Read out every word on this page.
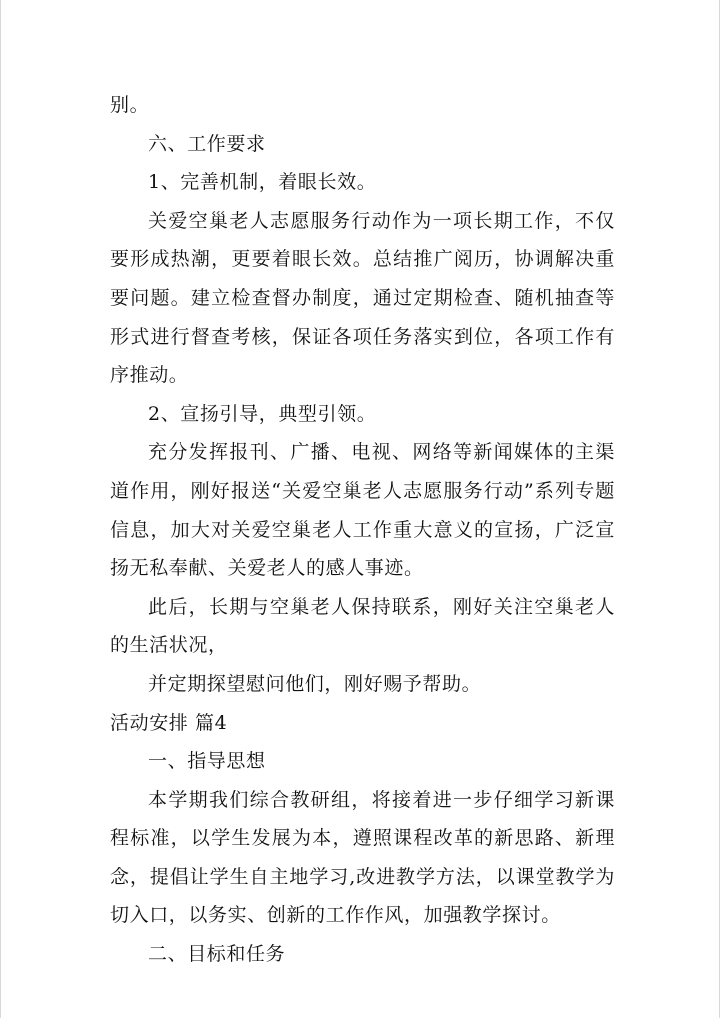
别。

六、工作要求

1、完善机制，着眼长效。

关爱空巢老人志愿服务行动作为一项长期工作，不仅要形成热潮，更要着眼长效。总结推广阅历，协调解决重要问题。建立检查督办制度，通过定期检查、随机抽查等形式进行督查考核，保证各项任务落实到位，各项工作有序推动。

2、宣扬引导，典型引领。

充分发挥报刊、广播、电视、网络等新闻媒体的主渠道作用，刚好报送“关爱空巢老人志愿服务行动”系列专题信息，加大对关爱空巢老人工作重大意义的宣扬，广泛宣扬无私奉献、关爱老人的感人事迹。

此后，长期与空巢老人保持联系，刚好关注空巢老人的生活状况，

并定期探望慰问他们，刚好赐予帮助。

活动安排 篇4

一、指导思想

本学期我们综合教研组，将接着进一步仔细学习新课程标准，以学生发展为本，遵照课程改革的新思路、新理念，提倡让学生自主地学习,改进教学方法，以课堂教学为切入口，以务实、创新的工作作风，加强教学探讨。

二、目标和任务
